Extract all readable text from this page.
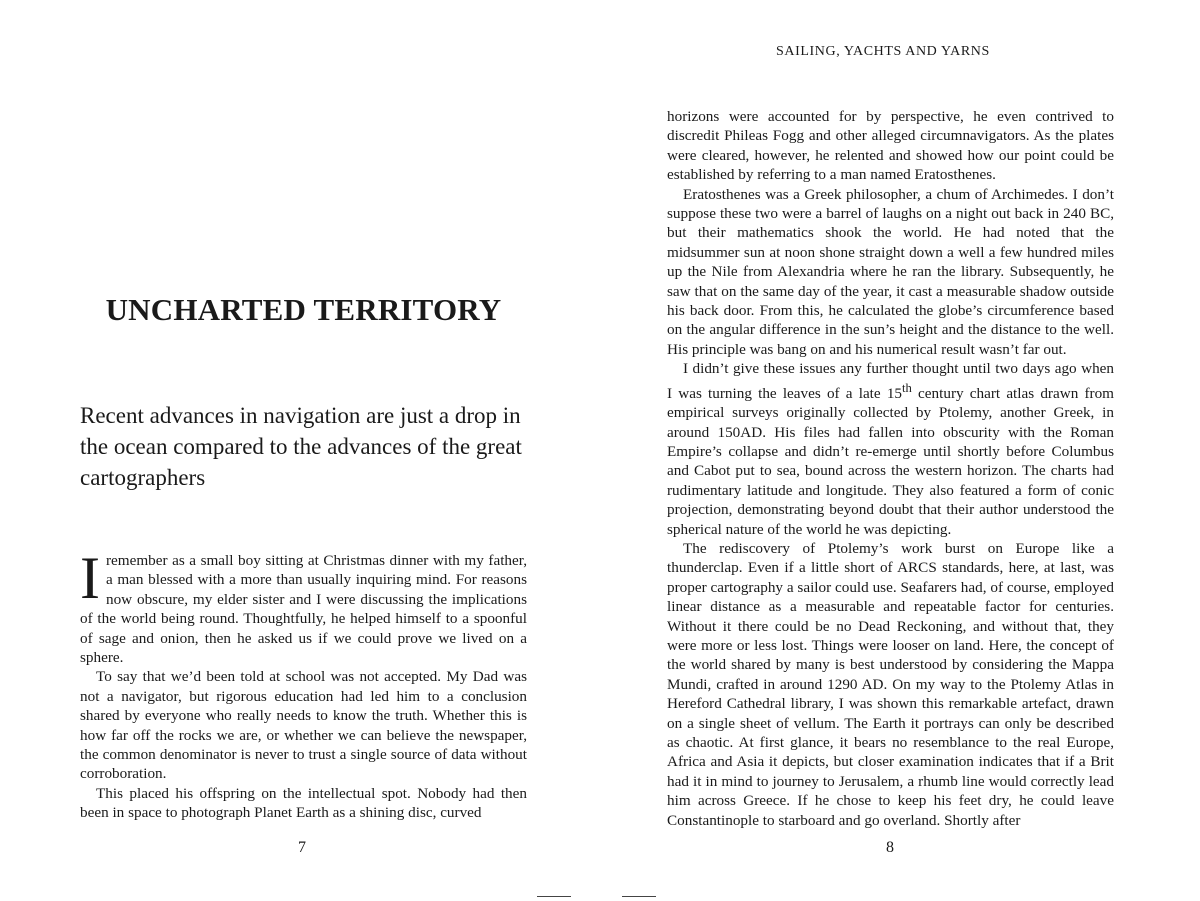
UNCHARTED TERRITORY

Recent advances in navigation are just a drop in the ocean compared to the advances of the great cartographers

I remember as a small boy sitting at Christmas dinner with my father, a man blessed with a more than usually inquiring mind. For reasons now obscure, my elder sister and I were discussing the implications of the world being round. Thoughtfully, he helped himself to a spoonful of sage and onion, then he asked us if we could prove we lived on a sphere.

To say that we’d been told at school was not accepted. My Dad was not a navigator, but rigorous education had led him to a conclusion shared by everyone who really needs to know the truth. Whether this is how far off the rocks we are, or whether we can believe the newspaper, the common denominator is never to trust a single source of data without corroboration.

This placed his offspring on the intellectual spot. Nobody had then been in space to photograph Planet Earth as a shining disc, curved

7
SAILING, YACHTS AND YARNS

horizons were accounted for by perspective, he even contrived to discredit Phileas Fogg and other alleged circumnavigators. As the plates were cleared, however, he relented and showed how our point could be established by referring to a man named Eratosthenes.

Eratosthenes was a Greek philosopher, a chum of Archimedes. I don’t suppose these two were a barrel of laughs on a night out back in 240 BC, but their mathematics shook the world. He had noted that the midsummer sun at noon shone straight down a well a few hundred miles up the Nile from Alexandria where he ran the library. Subsequently, he saw that on the same day of the year, it cast a measurable shadow outside his back door. From this, he calculated the globe’s circumference based on the angular difference in the sun’s height and the distance to the well. His principle was bang on and his numerical result wasn’t far out.

I didn’t give these issues any further thought until two days ago when I was turning the leaves of a late 15th century chart atlas drawn from empirical surveys originally collected by Ptolemy, another Greek, in around 150AD. His files had fallen into obscurity with the Roman Empire’s collapse and didn’t re-emerge until shortly before Columbus and Cabot put to sea, bound across the western horizon. The charts had rudimentary latitude and longitude. They also featured a form of conic projection, demonstrating beyond doubt that their author understood the spherical nature of the world he was depicting.

The rediscovery of Ptolemy’s work burst on Europe like a thunderclap. Even if a little short of ARCS standards, here, at last, was proper cartography a sailor could use. Seafarers had, of course, employed linear distance as a measurable and repeatable factor for centuries. Without it there could be no Dead Reckoning, and without that, they were more or less lost. Things were looser on land. Here, the concept of the world shared by many is best understood by considering the Mappa Mundi, crafted in around 1290 AD. On my way to the Ptolemy Atlas in Hereford Cathedral library, I was shown this remarkable artefact, drawn on a single sheet of vellum. The Earth it portrays can only be described as chaotic. At first glance, it bears no resemblance to the real Europe, Africa and Asia it depicts, but closer examination indicates that if a Brit had it in mind to journey to Jerusalem, a rhumb line would correctly lead him across Greece. If he chose to keep his feet dry, he could leave Constantinople to starboard and go overland. Shortly after

8
